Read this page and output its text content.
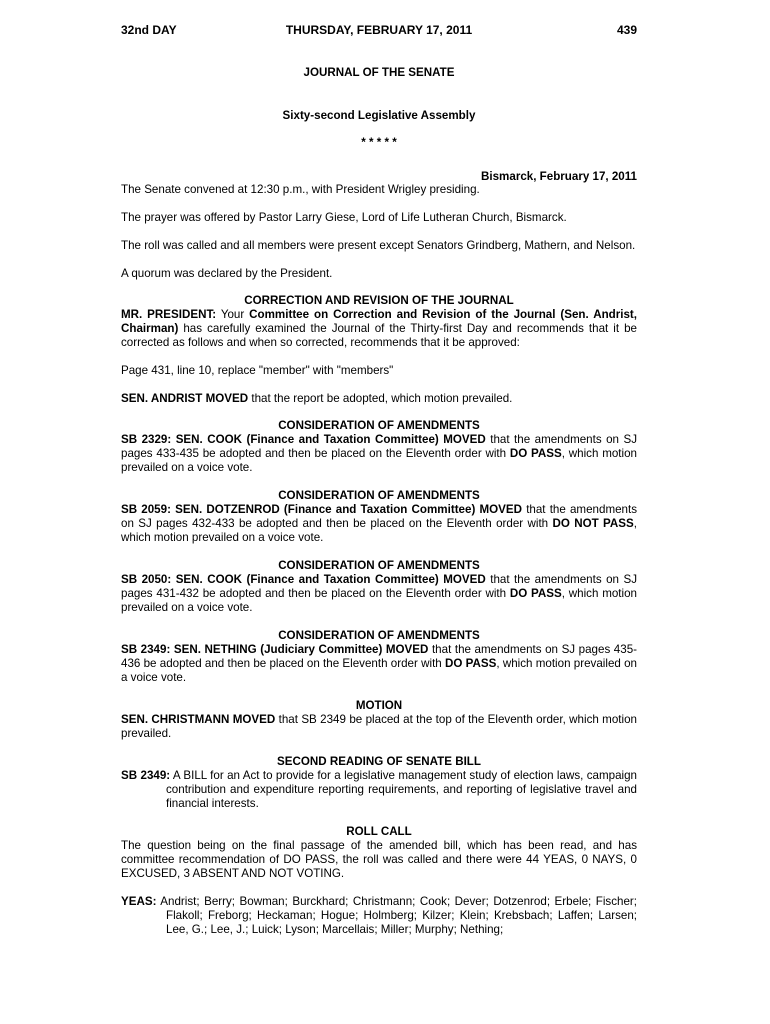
32nd DAY	THURSDAY, FEBRUARY 17, 2011	439
JOURNAL OF THE SENATE
Sixty-second Legislative Assembly
* * * * *
Bismarck, February 17, 2011

The Senate convened at 12:30 p.m., with President Wrigley presiding.

The prayer was offered by Pastor Larry Giese, Lord of Life Lutheran Church, Bismarck.

The roll was called and all members were present except Senators Grindberg, Mathern, and Nelson.

A quorum was declared by the President.

CORRECTION AND REVISION OF THE JOURNAL

MR. PRESIDENT: Your Committee on Correction and Revision of the Journal (Sen. Andrist, Chairman) has carefully examined the Journal of the Thirty-first Day and recommends that it be corrected as follows and when so corrected, recommends that it be approved:

Page 431, line 10, replace "member" with "members"

SEN. ANDRIST MOVED that the report be adopted, which motion prevailed.

CONSIDERATION OF AMENDMENTS

SB 2329: SEN. COOK (Finance and Taxation Committee) MOVED that the amendments on SJ pages 433-435 be adopted and then be placed on the Eleventh order with DO PASS, which motion prevailed on a voice vote.

CONSIDERATION OF AMENDMENTS

SB 2059: SEN. DOTZENROD (Finance and Taxation Committee) MOVED that the amendments on SJ pages 432-433 be adopted and then be placed on the Eleventh order with DO NOT PASS, which motion prevailed on a voice vote.

CONSIDERATION OF AMENDMENTS

SB 2050: SEN. COOK (Finance and Taxation Committee) MOVED that the amendments on SJ pages 431-432 be adopted and then be placed on the Eleventh order with DO PASS, which motion prevailed on a voice vote.

CONSIDERATION OF AMENDMENTS

SB 2349: SEN. NETHING (Judiciary Committee) MOVED that the amendments on SJ pages 435-436 be adopted and then be placed on the Eleventh order with DO PASS, which motion prevailed on a voice vote.

MOTION

SEN. CHRISTMANN MOVED that SB 2349 be placed at the top of the Eleventh order, which motion prevailed.

SECOND READING OF SENATE BILL

SB 2349: A BILL for an Act to provide for a legislative management study of election laws, campaign contribution and expenditure reporting requirements, and reporting of legislative travel and financial interests.

ROLL CALL

The question being on the final passage of the amended bill, which has been read, and has committee recommendation of DO PASS, the roll was called and there were 44 YEAS, 0 NAYS, 0 EXCUSED, 3 ABSENT AND NOT VOTING.

YEAS: Andrist; Berry; Bowman; Burckhard; Christmann; Cook; Dever; Dotzenrod; Erbele; Fischer; Flakoll; Freborg; Heckaman; Hogue; Holmberg; Kilzer; Klein; Krebsbach; Laffen; Larsen; Lee, G.; Lee, J.; Luick; Lyson; Marcellais; Miller; Murphy; Nething;
